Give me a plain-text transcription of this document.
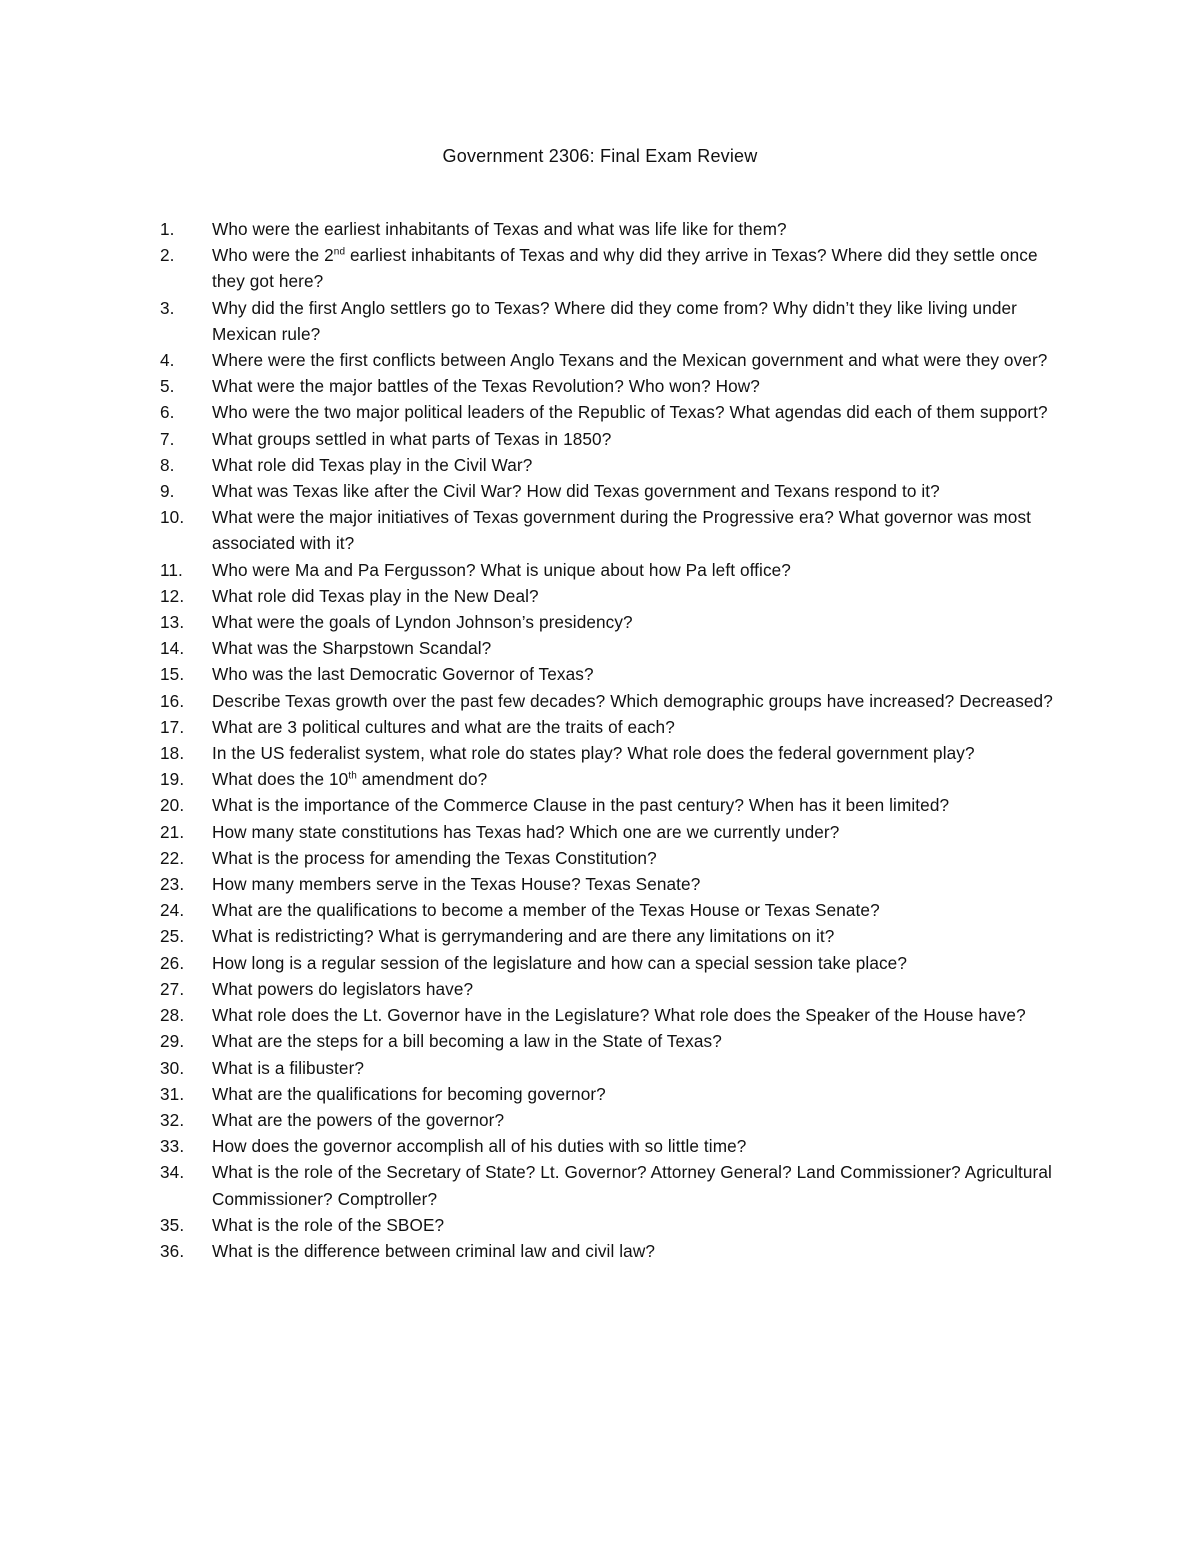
Government 2306: Final Exam Review
1.	Who were the earliest inhabitants of Texas and what was life like for them?
2.	Who were the 2nd earliest inhabitants of Texas and why did they arrive in Texas? Where did they settle once they got here?
3.	Why did the first Anglo settlers go to Texas? Where did they come from? Why didn’t they like living under Mexican rule?
4.	Where were the first conflicts between Anglo Texans and the Mexican government and what were they over?
5.	What were the major battles of the Texas Revolution? Who won? How?
6.	Who were the two major political leaders of the Republic of Texas? What agendas did each of them support?
7.	What groups settled in what parts of Texas in 1850?
8.	What role did Texas play in the Civil War?
9.	What was Texas like after the Civil War? How did Texas government and Texans respond to it?
10.	What were the major initiatives of Texas government during the Progressive era? What governor was most associated with it?
11.	Who were Ma and Pa Fergusson? What is unique about how Pa left office?
12.	What role did Texas play in the New Deal?
13.	What were the goals of Lyndon Johnson’s presidency?
14.	What was the Sharpstown Scandal?
15.	Who was the last Democratic Governor of Texas?
16.	Describe Texas growth over the past few decades? Which demographic groups have increased? Decreased?
17.	What are 3 political cultures and what are the traits of each?
18.	In the US federalist system, what role do states play? What role does the federal government play?
19.	What does the 10th amendment do?
20.	What is the importance of the Commerce Clause in the past century? When has it been limited?
21.	How many state constitutions has Texas had? Which one are we currently under?
22.	What is the process for amending the Texas Constitution?
23.	How many members serve in the Texas House? Texas Senate?
24.	What are the qualifications to become a member of the Texas House or Texas Senate?
25.	What is redistricting? What is gerrymandering and are there any limitations on it?
26.	How long is a regular session of the legislature and how can a special session take place?
27.	What powers do legislators have?
28.	What role does the Lt. Governor have in the Legislature? What role does the Speaker of the House have?
29.	What are the steps for a bill becoming a law in the State of Texas?
30.	What is a filibuster?
31.	What are the qualifications for becoming governor?
32.	What are the powers of the governor?
33.	How does the governor accomplish all of his duties with so little time?
34.	What is the role of the Secretary of State? Lt. Governor? Attorney General? Land Commissioner? Agricultural Commissioner? Comptroller?
35.	What is the role of the SBOE?
36.	What is the difference between criminal law and civil law?
